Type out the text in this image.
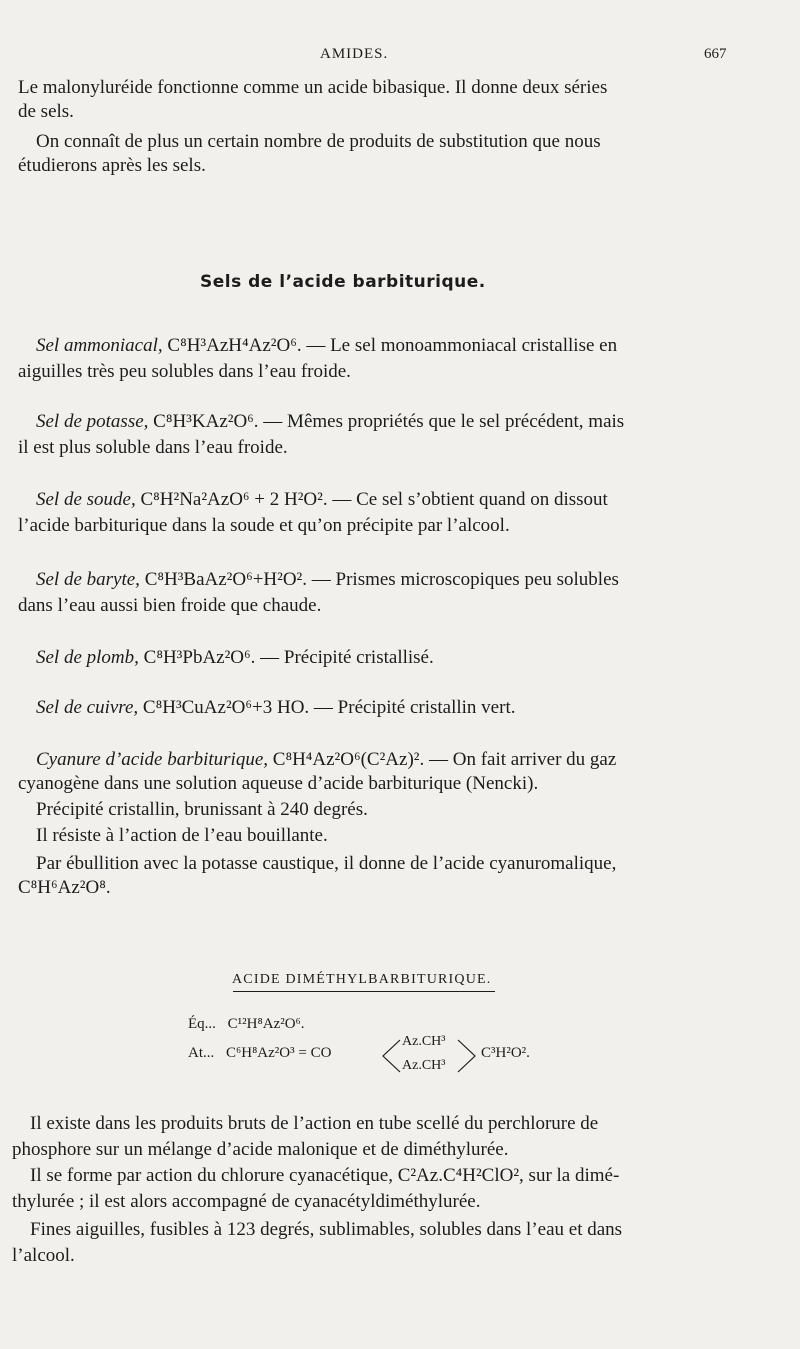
AMIDES.	667
Le malonyluréide fonctionne comme un acide bibasique. Il donne deux séries
de sels.
On connaît de plus un certain nombre de produits de substitution que nous
étudierons après les sels.
Sels de l’acide barbiturique.
Sel ammoniacal, C⁸H³AzH⁴Az²O⁶. — Le sel monoammoniacal cristallise en
aiguilles très peu solubles dans l’eau froide.
Sel de potasse, C⁸H³KAz²O⁶. — Mêmes propriétés que le sel précédent, mais
il est plus soluble dans l’eau froide.
Sel de soude, C⁸H²Na²AzO⁶ + 2 H²O². — Ce sel s’obtient quand on dissout
l’acide barbiturique dans la soude et qu’on précipite par l’alcool.
Sel de baryte, C⁸H³BaAz²O⁶+H²O². — Prismes microscopiques peu solubles
dans l’eau aussi bien froide que chaude.
Sel de plomb, C⁸H³PbAz²O⁶. — Précipité cristallisé.
Sel de cuivre, C⁸H³CuAz²O⁶+3 HO. — Précipité cristallin vert.
Cyanure d’acide barbiturique, C⁸H⁴Az²O⁶(C²Az)². — On fait arriver du gaz
cyanogène dans une solution aqueuse d’acide barbiturique (Nencki).
Précipité cristallin, brunissant à 240 degrés.
Il résiste à l’action de l’eau bouillante.
Par ébullition avec la potasse caustique, il donne de l’acide cyanuromalique,
C⁸H⁶Az²O⁸.
ACIDE DIMÉTHYLBARBITURIQUE.
Éq... C¹²H⁸Az²O⁶.
At... C⁶H⁸Az²O³ = CO
Az.CH³
Az.CH³
C³H²O².
Il existe dans les produits bruts de l’action en tube scellé du perchlorure de
phosphore sur un mélange d’acide malonique et de diméthylurée.
Il se forme par action du chlorure cyanacétique, C²Az.C⁴H²ClO², sur la dimé-
thylurée ; il est alors accompagné de cyanacétyldiméthylurée.
Fines aiguilles, fusibles à 123 degrés, sublimables, solubles dans l’eau et dans
l’alcool.
